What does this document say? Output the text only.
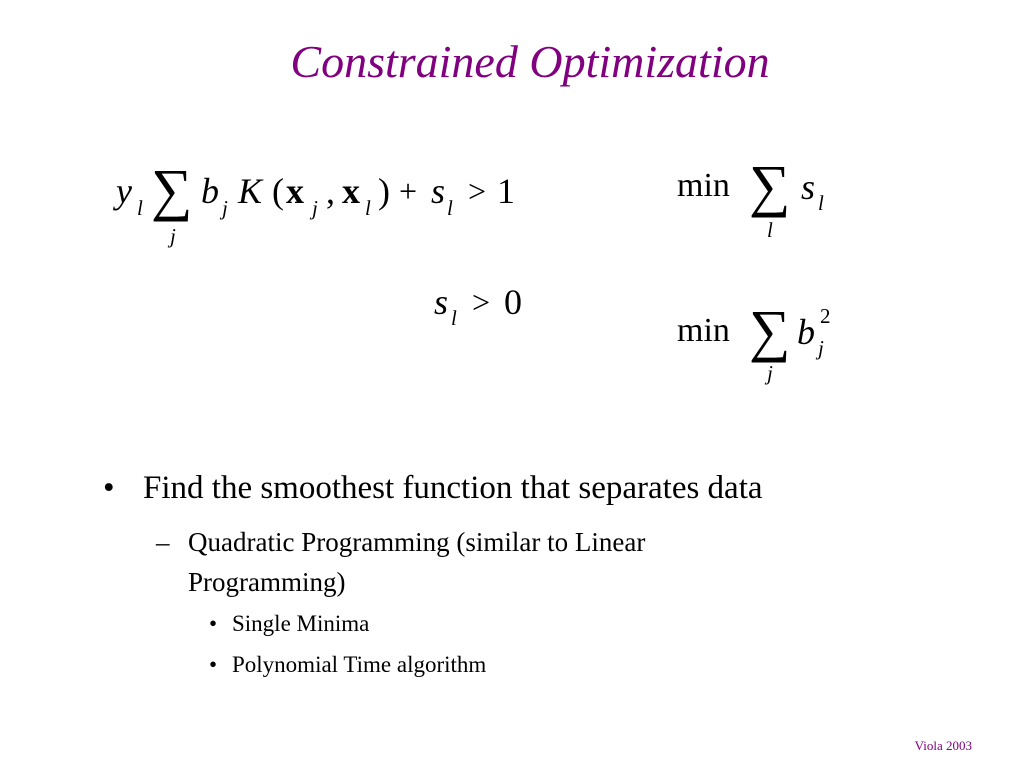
Constrained Optimization
y l ∑
j
b j K ( x j , x l ) + s l > 1
s l > 0
min ∑
l
s l
min ∑
j
b j
2
• Find the smoothest function that separates data
– Quadratic Programming (similar to Linear Programming)
• Single Minima
• Polynomial Time algorithm
Viola 2003
